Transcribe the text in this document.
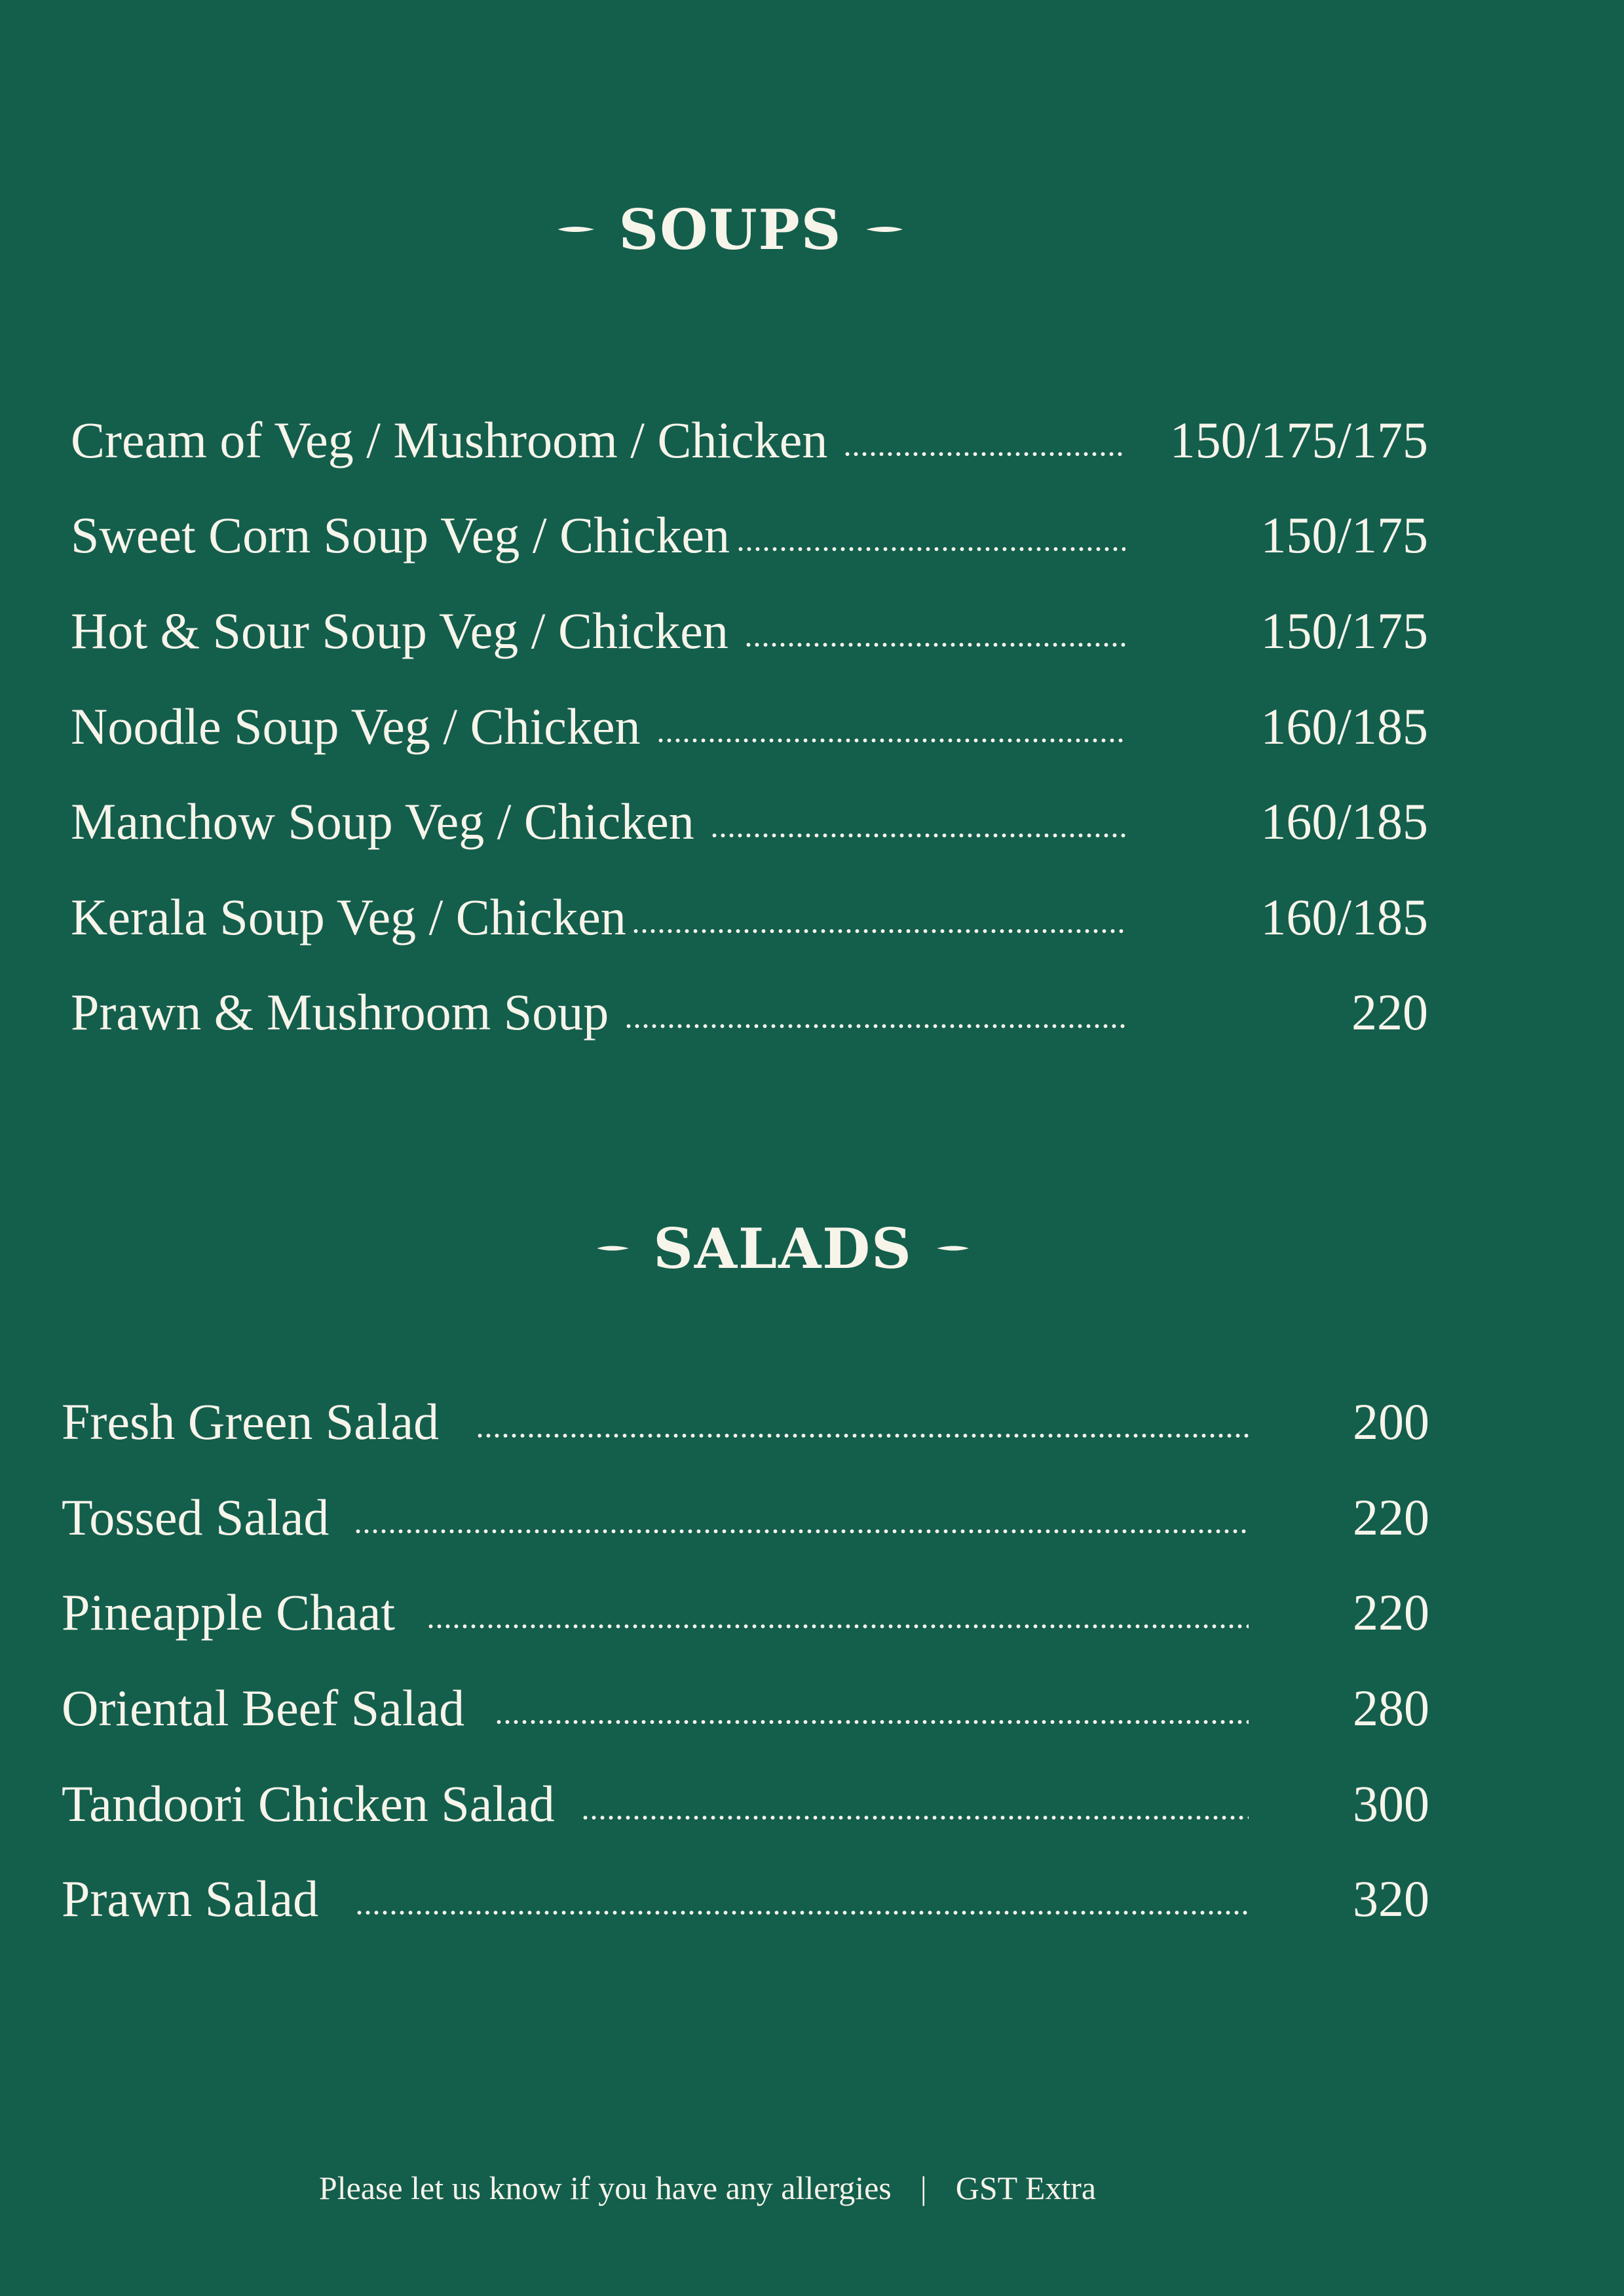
SOUPS
Cream of Veg / Mushroom / Chicken	150/175/175
Sweet Corn Soup Veg / Chicken	150/175
Hot & Sour Soup Veg / Chicken	150/175
Noodle Soup Veg / Chicken	160/185
Manchow Soup Veg / Chicken	160/185
Kerala Soup Veg / Chicken	160/185
Prawn & Mushroom Soup	220
SALADS
Fresh Green Salad	200
Tossed Salad	220
Pineapple Chaat	220
Oriental Beef Salad	280
Tandoori Chicken Salad	300
Prawn Salad	320
Please let us know if you have any allergies | GST Extra
